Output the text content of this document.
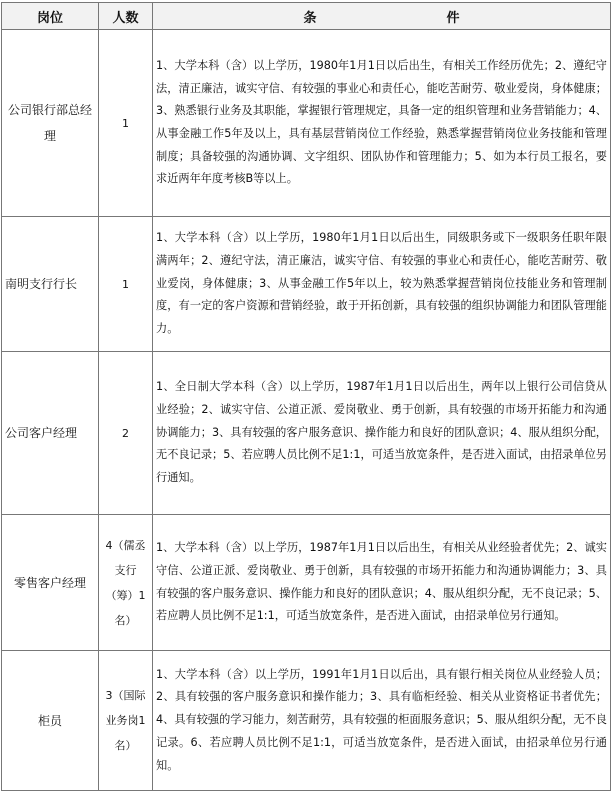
岗位	人数	条 件
公司银行部总经理	1	1、大学本科（含）以上学历，1980年1月1日以后出生，有相关工作经历优先；2、遵纪守法，清正廉洁，诚实守信、有较强的事业心和责任心，能吃苦耐劳、敬业爱岗，身体健康；3、熟悉银行业务及其职能，掌握银行管理规定，具备一定的组织管理和业务营销能力；4、从事金融工作5年及以上，具有基层营销岗位工作经验，熟悉掌握营销岗位业务技能和管理制度；具备较强的沟通协调、文字组织、团队协作和管理能力；5、如为本行员工报名，要求近两年年度考核B等以上。
南明支行行长	1	1、大学本科（含）以上学历，1980年1月1日以后出生，同级职务或下一级职务任职年限满两年；2、遵纪守法，清正廉洁，诚实守信、有较强的事业心和责任心，能吃苦耐劳、敬业爱岗，身体健康；3、从事金融工作5年以上，较为熟悉掌握营销岗位技能业务和管理制度，有一定的客户资源和营销经验，敢于开拓创新，具有较强的组织协调能力和团队管理能力。
公司客户经理	2	1、全日制大学本科（含）以上学历，1987年1月1日以后出生，两年以上银行公司信贷从业经验；2、诚实守信、公道正派、爱岗敬业、勇于创新，具有较强的市场开拓能力和沟通协调能力；3、具有较强的客户服务意识、操作能力和良好的团队意识；4、服从组织分配，无不良记录；5、若应聘人员比例不足1:1，可适当放宽条件，是否进入面试，由招录单位另行通知。
零售客户经理	4（儒丞支行（筹）1名）	1、大学本科（含）以上学历，1987年1月1日以后出生，有相关从业经验者优先；2、诚实守信、公道正派、爱岗敬业、勇于创新，具有较强的市场开拓能力和沟通协调能力；3、具有较强的客户服务意识、操作能力和良好的团队意识；4、服从组织分配，无不良记录；5、若应聘人员比例不足1:1，可适当放宽条件，是否进入面试，由招录单位另行通知。
柜员	3（国际业务岗1名）	1、大学本科（含）以上学历，1991年1月1日以后出，具有银行相关岗位从业经验人员；2、具有较强的客户服务意识和操作能力；3、具有临柜经验、相关从业资格证书者优先；4、具有较强的学习能力，刻苦耐劳，具有较强的柜面服务意识；5、服从组织分配，无不良记录。6、若应聘人员比例不足1:1，可适当放宽条件，是否进入面试，由招录单位另行通知。
